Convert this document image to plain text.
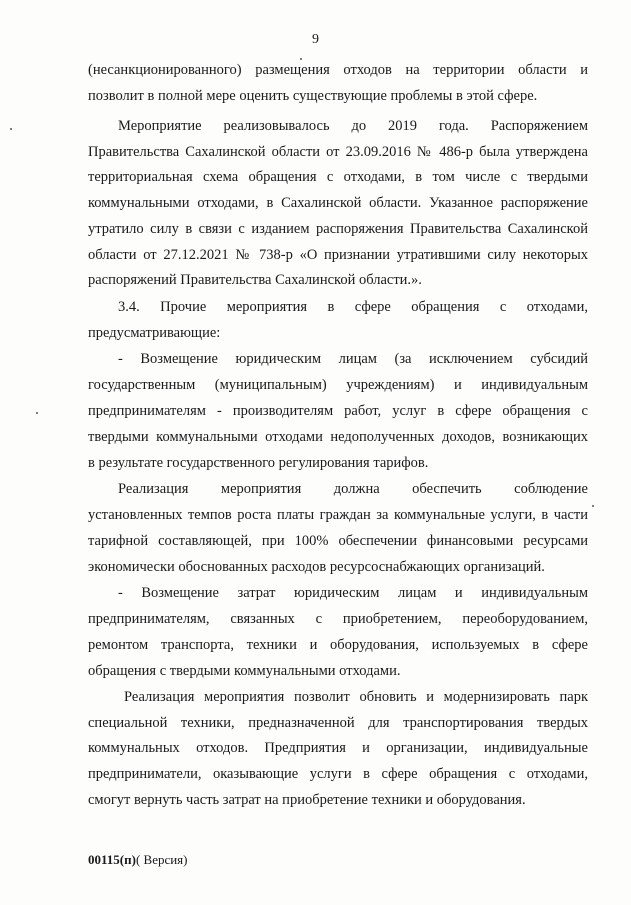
9
(несанкционированного) размещения отходов на территории области и
позволит в полной мере оценить существующие проблемы в этой сфере.
Мероприятие реализовывалось до 2019 года. Распоряжением
Правительства Сахалинской области от 23.09.2016 № 486-р была утверждена
территориальная схема обращения с отходами, в том числе с твердыми
коммунальными отходами, в Сахалинской области. Указанное распоряжение
утратило силу в связи с изданием распоряжения Правительства Сахалинской
области от 27.12.2021 № 738-р «О признании утратившими силу некоторых
распоряжений Правительства Сахалинской области.».
3.4. Прочие мероприятия в сфере обращения с отходами,
предусматривающие:
- Возмещение юридическим лицам (за исключением субсидий
государственным (муниципальным) учреждениям) и индивидуальным
предпринимателям - производителям работ, услуг в сфере обращения с
твердыми коммунальными отходами недополученных доходов, возникающих
в результате государственного регулирования тарифов.
Реализация мероприятия должна обеспечить соблюдение
установленных темпов роста платы граждан за коммунальные услуги, в части
тарифной составляющей, при 100% обеспечении финансовыми ресурсами
экономически обоснованных расходов ресурсоснабжающих организаций.
- Возмещение затрат юридическим лицам и индивидуальным
предпринимателям, связанных с приобретением, переоборудованием,
ремонтом транспорта, техники и оборудования, используемых в сфере
обращения с твердыми коммунальными отходами.
Реализация мероприятия позволит обновить и модернизировать парк
специальной техники, предназначенной для транспортирования твердых
коммунальных отходов. Предприятия и организации, индивидуальные
предприниматели, оказывающие услуги в сфере обращения с отходами,
смогут вернуть часть затрат на приобретение техники и оборудования.
00115(п)( Версия)
